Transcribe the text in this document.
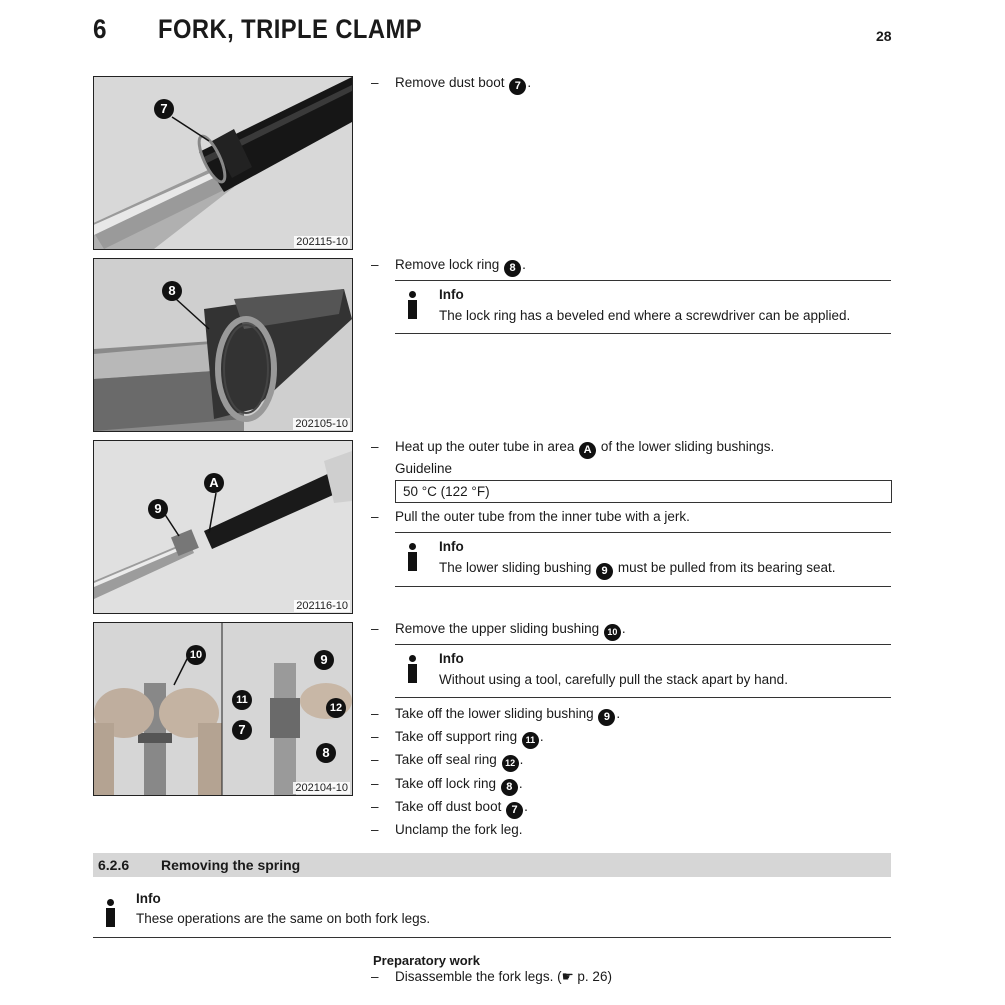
6 FORK, TRIPLE CLAMP	28
7
202115-10
8
202105-10
A
9
202116-10
10	9
11
12
7
8
202104-10
– Remove dust boot 7 .
– Remove lock ring 8 .
Info
The lock ring has a beveled end where a screwdriver can be applied.
– Heat up the outer tube in area A of the lower sliding bushings.
Guideline
50 °C (122 °F)
– Pull the outer tube from the inner tube with a jerk.
Info
The lower sliding bushing 9 must be pulled from its bearing seat.
– Remove the upper sliding bushing 10 .
Info
Without using a tool, carefully pull the stack apart by hand.
– Take off the lower sliding bushing 9 .
– Take off support ring 11 .
– Take off seal ring 12 .
– Take off lock ring 8 .
– Take off dust boot 7 .
– Unclamp the fork leg.
6.2.6 Removing the spring
Info
These operations are the same on both fork legs.
Preparatory work
– Disassemble the fork legs. (☛ p. 26)
